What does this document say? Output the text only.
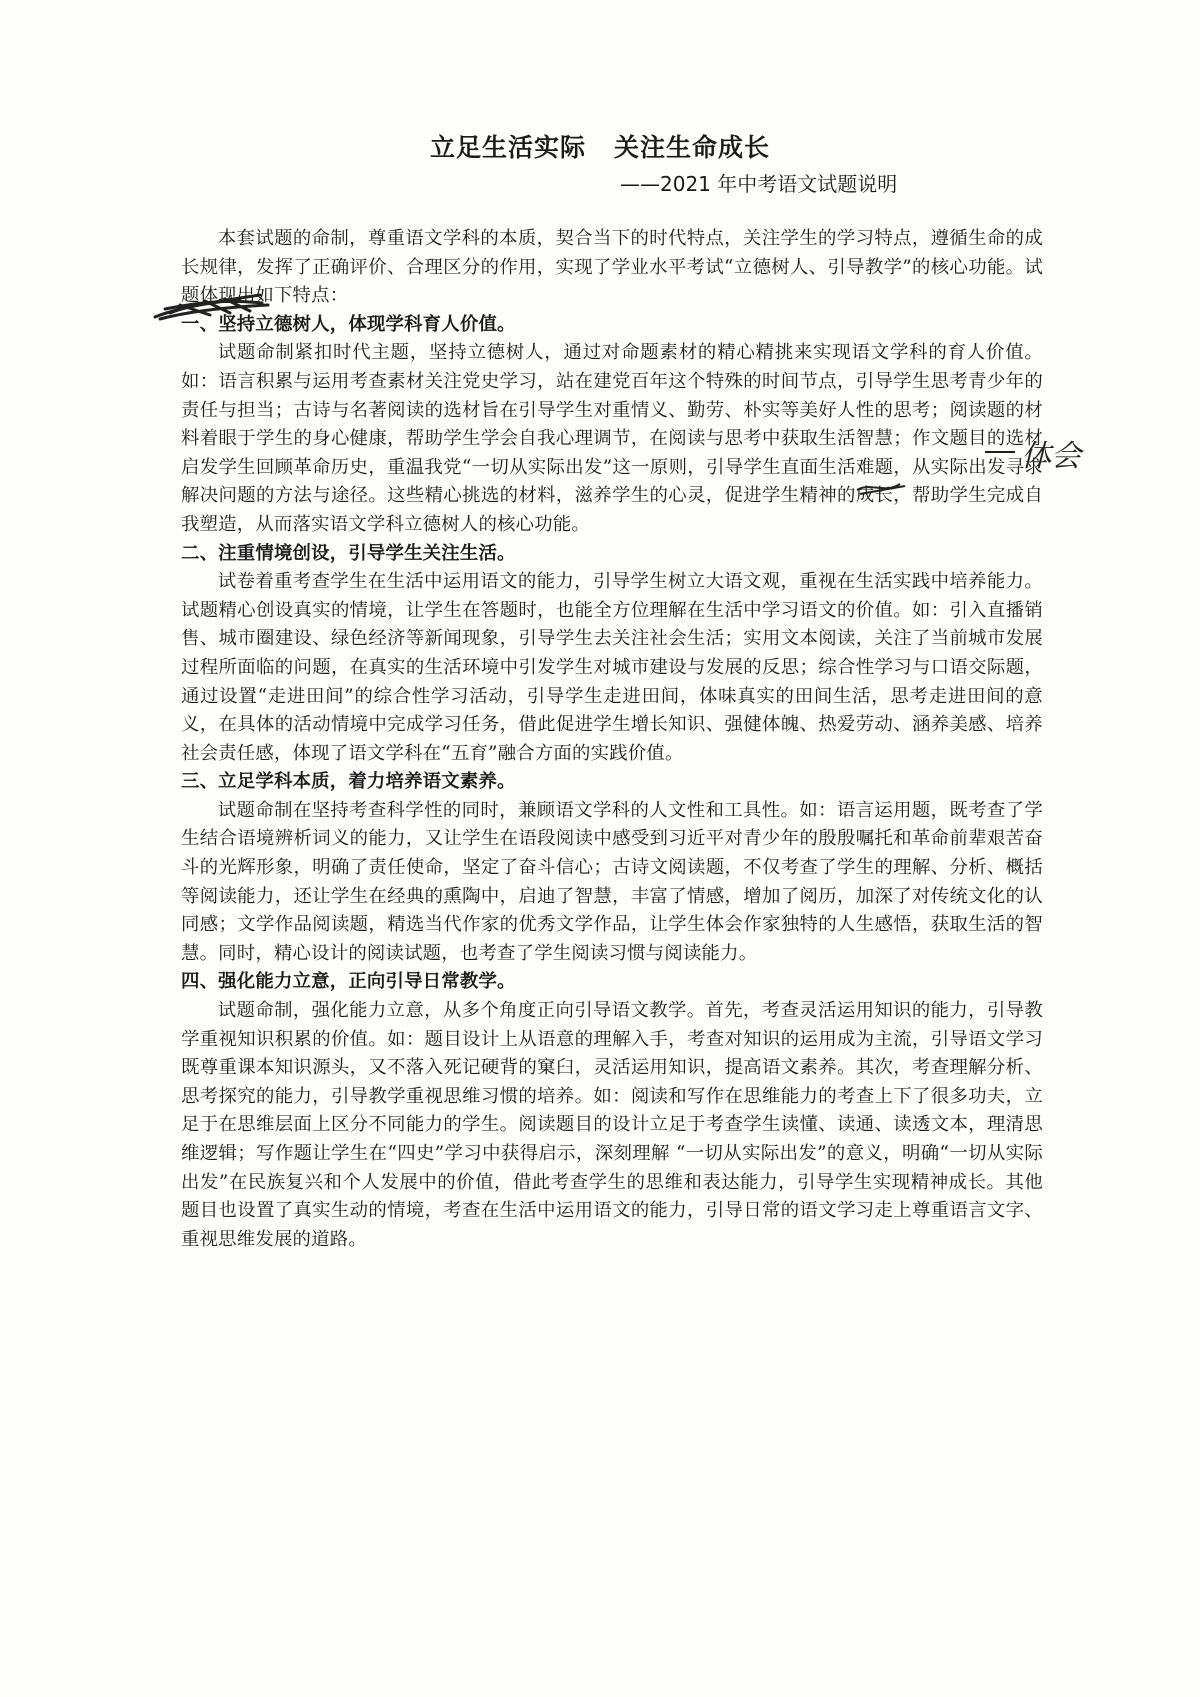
立足生活实际 关注生命成长
——2021 年中考语文试题说明

本套试题的命制，尊重语文学科的本质，契合当下的时代特点，关注学生的学习特点，遵循生命的成长规律，发挥了正确评价、合理区分的作用，实现了学业水平考试“立德树人、引导教学”的核心功能。试题体现出如下特点：

一、坚持立德树人，体现学科育人价值。

试题命制紧扣时代主题，坚持立德树人，通过对命题素材的精心精挑来实现语文学科的育人价值。如：语言积累与运用考查素材关注党史学习，站在建党百年这个特殊的时间节点，引导学生思考青少年的责任与担当；古诗与名著阅读的选材旨在引导学生对重情义、勤劳、朴实等美好人性的思考；阅读题的材料着眼于学生的身心健康，帮助学生学会自我心理调节，在阅读与思考中获取生活智慧；作文题目的选材启发学生回顾革命历史，重温我党“一切从实际出发”这一原则，引导学生直面生活难题，从实际出发寻求解决问题的方法与途径。这些精心挑选的材料，滋养学生的心灵，促进学生精神的成长，帮助学生完成自我塑造，从而落实语文学科立德树人的核心功能。

二、注重情境创设，引导学生关注生活。

试卷着重考查学生在生活中运用语文的能力，引导学生树立大语文观，重视在生活实践中培养能力。试题精心创设真实的情境，让学生在答题时，也能全方位理解在生活中学习语文的价值。如：引入直播销售、城市圈建设、绿色经济等新闻现象，引导学生去关注社会生活；实用文本阅读，关注了当前城市发展过程所面临的问题，在真实的生活环境中引发学生对城市建设与发展的反思；综合性学习与口语交际题，通过设置“走进田间”的综合性学习活动，引导学生走进田间，体味真实的田间生活，思考走进田间的意义，在具体的活动情境中完成学习任务，借此促进学生增长知识、强健体魄、热爱劳动、涵养美感、培养社会责任感，体现了语文学科在“五育”融合方面的实践价值。

三、立足学科本质，着力培养语文素养。

试题命制在坚持考查科学性的同时，兼顾语文学科的人文性和工具性。如：语言运用题，既考查了学生结合语境辨析词义的能力，又让学生在语段阅读中感受到习近平对青少年的殷殷嘱托和革命前辈艰苦奋斗的光辉形象，明确了责任使命，坚定了奋斗信心；古诗文阅读题，不仅考查了学生的理解、分析、概括等阅读能力，还让学生在经典的熏陶中，启迪了智慧，丰富了情感，增加了阅历，加深了对传统文化的认同感；文学作品阅读题，精选当代作家的优秀文学作品，让学生体会作家独特的人生感悟，获取生活的智慧。同时，精心设计的阅读试题，也考查了学生阅读习惯与阅读能力。

四、强化能力立意，正向引导日常教学。

试题命制，强化能力立意，从多个角度正向引导语文教学。首先，考查灵活运用知识的能力，引导教学重视知识积累的价值。如：题目设计上从语意的理解入手，考查对知识的运用成为主流，引导语文学习既尊重课本知识源头，又不落入死记硬背的窠臼，灵活运用知识，提高语文素养。其次，考查理解分析、思考探究的能力，引导教学重视思维习惯的培养。如：阅读和写作在思维能力的考查上下了很多功夫，立足于在思维层面上区分不同能力的学生。阅读题目的设计立足于考查学生读懂、读通、读透文本，理清思维逻辑；写作题让学生在“四史”学习中获得启示，深刻理解 “一切从实际出发”的意义，明确“一切从实际出发”在民族复兴和个人发展中的价值，借此考查学生的思维和表达能力，引导学生实现精神成长。其他题目也设置了真实生动的情境，考查在生活中运用语文的能力，引导日常的语文学习走上尊重语言文字、重视思维发展的道路。

体会
